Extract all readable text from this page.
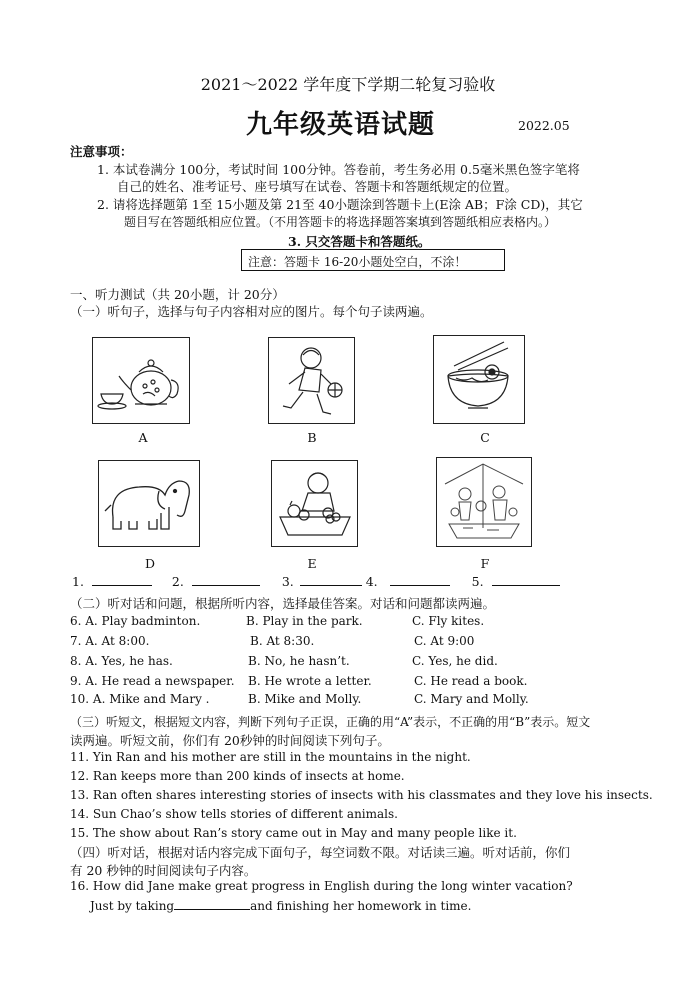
2021～2022 学年度下学期二轮复习验收
九年级英语试题	2022.05
注意事项：
1. 本试卷满分 100分，考试时间 100分钟。答卷前，考生务必用 0.5毫米黑色签字笔将
自己的姓名、准考证号、座号填写在试卷、答题卡和答题纸规定的位置。
2. 请将选择题第 1至 15小题及第 21至 40小题涂到答题卡上(E涂 AB；F涂 CD)，其它
题目写在答题纸相应位置。（不用答题卡的将选择题答案填到答题纸相应表格内。）
3. 只交答题卡和答题纸。
注意：答题卡 16-20小题处空白，不涂！
一、听力测试（共 20小题，计 20分）
（一）听句子，选择与句子内容相对应的图片。每个句子读两遍。
A	B	C
D	E	F
1.	2.	3.	4.	5.
（二）听对话和问题，根据所听内容，选择最佳答案。对话和问题都读两遍。
6. A. Play badminton.	B. Play in the park.	C. Fly kites.
7. A. At 8:00.	B. At 8:30.	C. At 9:00
8. A. Yes, he has.	B. No, he hasn’t.	C. Yes, he did.
9. A. He read a newspaper. B. He wrote a letter.	C. He read a book.
10. A. Mike and Mary .	B. Mike and Molly.	C. Mary and Molly.
（三）听短文，根据短文内容，判断下列句子正误，正确的用“A”表示，不正确的用“B”表示。短文
读两遍。听短文前，你们有 20秒钟的时间阅读下列句子。
11. Yin Ran and his mother are still in the mountains in the night.
12. Ran keeps more than 200 kinds of insects at home.
13. Ran often shares interesting stories of insects with his classmates and they love his insects.
14. Sun Chao’s show tells stories of different animals.
15. The show about Ran’s story came out in May and many people like it.
（四）听对话，根据对话内容完成下面句子，每空词数不限。对话读三遍。听对话前，你们
有 20 秒钟的时间阅读句子内容。
16. How did Jane make great progress in English during the long winter vacation?
Just by taking	and finishing her homework in time.
